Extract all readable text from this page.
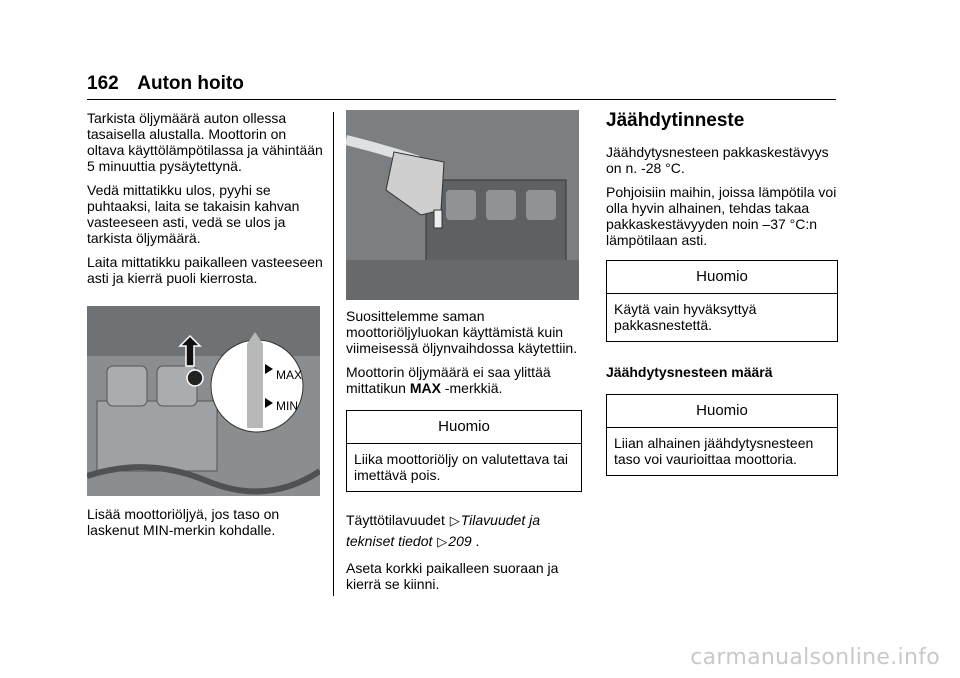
162 Auton hoito

Tarkista öljymäärä auton ollessa tasaisella alustalla. Moottorin on oltava käyttölämpötilassa ja vähintään 5 minuuttia pysäytettynä.

Vedä mittatikku ulos, pyyhi se puhtaaksi, laita se takaisin kahvan vasteeseen asti, vedä se ulos ja tarkista öljymäärä.

Laita mittatikku paikalleen vasteeseen asti ja kierrä puoli kierrosta.

MAX
MIN

Lisää moottoriöljyä, jos taso on laskenut MIN-merkin kohdalle.

Suosittelemme saman moottoriöljyluokan käyttämistä kuin viimeisessä öljynvaihdossa käytettiin.

Moottorin öljymäärä ei saa ylittää mittatikun MAX -merkkiä.

Huomio
Liika moottoriöljy on valutettava tai imettävä pois.

Täyttötilavuudet ▷Tilavuudet ja tekniset tiedot ▷209 .

Aseta korkki paikalleen suoraan ja kierrä se kiinni.

Jäähdytinneste

Jäähdytysnesteen pakkaskestävyys on n. -28 °C.

Pohjoisiin maihin, joissa lämpötila voi olla hyvin alhainen, tehdas takaa pakkaskestävyyden noin –37 °C:n lämpötilaan asti.

Huomio
Käytä vain hyväksyttyä pakkasnestettä.
Jäähdytysnesteen määrä
Huomio
Liian alhainen jäähdytysnesteen taso voi vaurioittaa moottoria.
carmanualsonline.info
